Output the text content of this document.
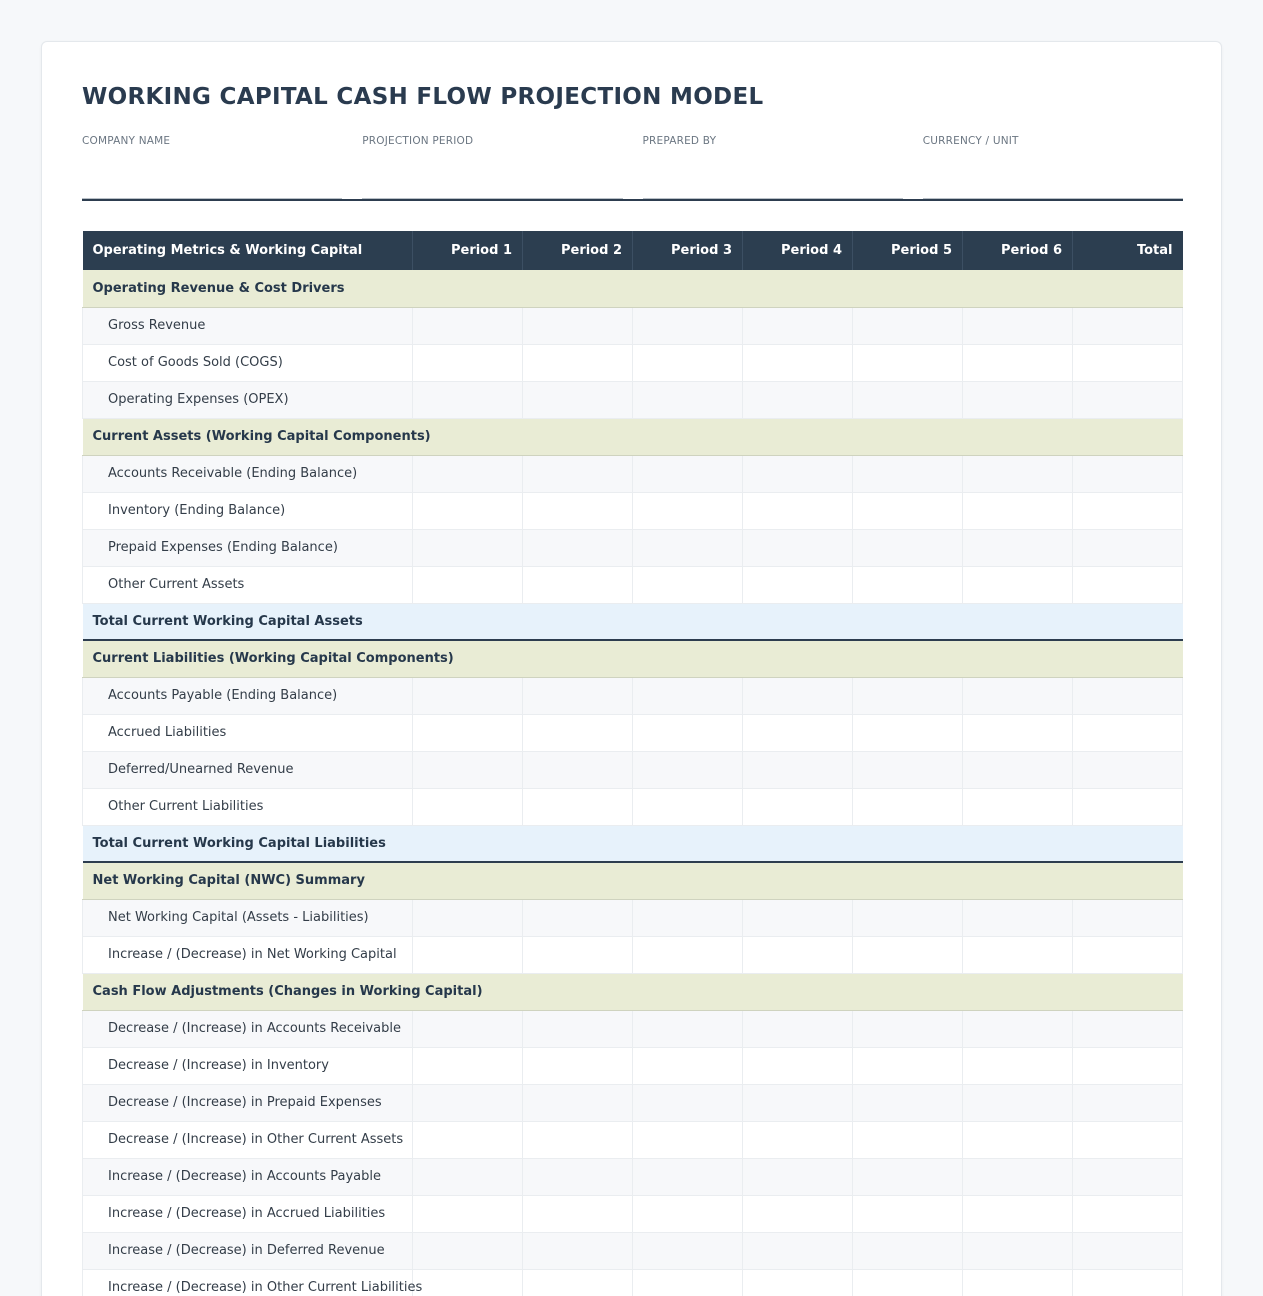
WORKING CAPITAL CASH FLOW PROJECTION MODEL
COMPANY NAME	PROJECTION PERIOD	PREPARED BY	CURRENCY / UNIT
Operating Metrics & Working Capital	Period 1	Period 2	Period 3	Period 4	Period 5	Period 6	Total
Operating Revenue & Cost Drivers							
Gross Revenue							
Cost of Goods Sold (COGS)							
Operating Expenses (OPEX)							
Current Assets (Working Capital Components)							
Accounts Receivable (Ending Balance)							
Inventory (Ending Balance)							
Prepaid Expenses (Ending Balance)							
Other Current Assets							
Total Current Working Capital Assets							
Current Liabilities (Working Capital Components)							
Accounts Payable (Ending Balance)							
Accrued Liabilities							
Deferred/Unearned Revenue							
Other Current Liabilities							
Total Current Working Capital Liabilities							
Net Working Capital (NWC) Summary							
Net Working Capital (Assets - Liabilities)							
Increase / (Decrease) in Net Working Capital							
Cash Flow Adjustments (Changes in Working Capital)							
Decrease / (Increase) in Accounts Receivable							
Decrease / (Increase) in Inventory							
Decrease / (Increase) in Prepaid Expenses							
Decrease / (Increase) in Other Current Assets							
Increase / (Decrease) in Accounts Payable							
Increase / (Decrease) in Accrued Liabilities							
Increase / (Decrease) in Deferred Revenue							
Increase / (Decrease) in Other Current Liabilities							
